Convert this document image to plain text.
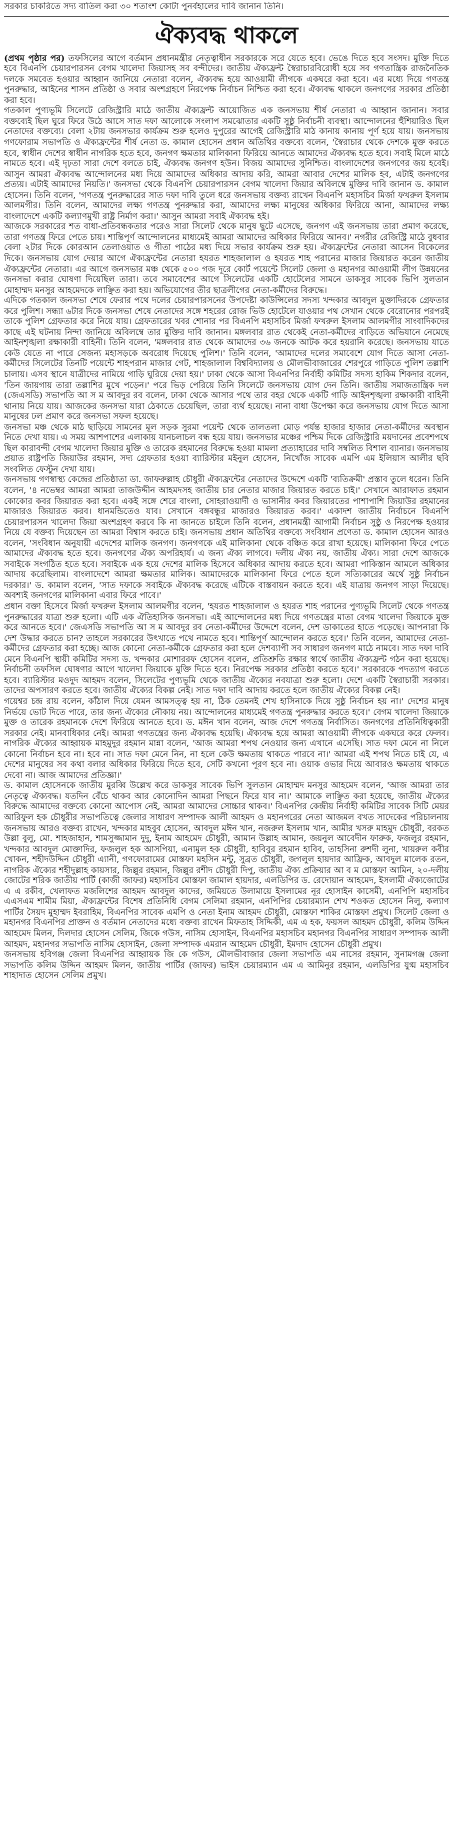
সরকার চাকরিতে সদ্য বাতিল করা ৩০ শতাংশ কোটা পুনর্বহালের দাবি জানান তিনি।
ঐক্যবদ্ধ থাকলে

(প্রথম পৃষ্ঠার পর) তফসিলের আগে বর্তমান প্রধানমন্ত্রীর নেতৃত্বাধীন সরকারকে সরে যেতে হবে। ভেঙে দিতে হবে সংসদ। মুক্তি দিতে হবে বিএনপি চেয়ারপারসন বেগম খালেদা জিয়াসহ সব বন্দীদের। জাতীয় ঐক্যফ্রন্ট স্বৈরাচারবিরোধী হয়ে সব গণতান্ত্রিক রাজনৈতিক দলকে সমবেত হওয়ার আহ্বান জানিয়ে নেতারা বলেন, ঐক্যবদ্ধ হয়ে আওয়ামী লীগকে একঘরে করা হবে। এর মধ্যে দিয়ে গণতন্ত্র পুনরুদ্ধার, আইনের শাসন প্রতিষ্ঠা ও সবার অংশগ্রহণে নিরপেক্ষ নির্বাচন নিশ্চিত করা হবে। ঐক্যবদ্ধ থাকলে জনগণের সরকার প্রতিষ্ঠা করা হবে।

গতকাল পুণ্যভূমি সিলেটে রেজিস্ট্রারি মাঠে জাতীয় ঐক্যফ্রন্ট আয়োজিত এক জনসভায় শীর্ষ নেতারা এ আহ্বান জানান। সবার বক্তব্যেই ছিল ঘুরে ফিরে উঠে আসে সাত দফা আলোকে সংলাপ সমঝোতার একটি সুষ্ঠু নির্বাচনী ব্যবস্থা। আন্দোলনের হুঁশিয়ারিও ছিল নেতাদের বক্তব্যে। বেলা ২টায় জনসভার কার্যক্রম শুরু হলেও দুপুরের আগেই রেজিস্ট্রারি মাঠ কানায় কানায় পূর্ণ হয়ে যায়। জনসভায় গণফোরাম সভাপতি ও ঐক্যফ্রন্টের শীর্ষ নেতা ড. কামাল হোসেন প্রধান অতিথির বক্তব্যে বলেন, 'স্বৈরাচার থেকে দেশকে মুক্ত করতে হবে, স্বাধীন দেশের স্বাধীন নাগরিক হতে হবে, জনগণ ক্ষমতার মালিকানা ফিরিয়ে আনতে আমাদের ঐক্যবদ্ধ হতে হবে। সবাই মিলে মাঠে নামতে হবে। এই দৃঢ়তা সারা দেশে বলতে চাই, ঐক্যবদ্ধ জনগণ হউন। বিজয় আমাদের সুনিশ্চিত। বাংলাদেশের জনগণের জয় হবেই। আসুন আমরা ঐক্যবদ্ধ আন্দোলনের মধ্য দিয়ে আমাদের অধিকার আদায় করি, আমরা আবার দেশের মালিক হব, এটাই জনগণের প্রত্যয়। এটাই আমাদের নিয়তি।' জনসভা থেকে বিএনপি চেয়ারপারসন বেগম খালেদা জিয়ার অবিলম্বে মুক্তির দাবি জানান ড. কামাল হোসেন। তিনি বলেন, 'গণতন্ত্র পুনরুদ্ধারের সাত দফা দাবি তুলে ধরে জনসভায় বক্তব্য রাখেন বিএনপি মহাসচিব মির্জা ফখরুল ইসলাম আলমগীর। তিনি বলেন, আমাদের লক্ষ্য গণতন্ত্র পুনরুদ্ধার করা, আমাদের লক্ষ্য মানুষের অধিকার ফিরিয়ে আনা, আমাদের লক্ষ্য বাংলাদেশে একটি কল্যাণমুখী রাষ্ট্র নির্মাণ করা।' আসুন আমরা সবাই ঐক্যবদ্ধ হই।

আজকে সরকারের শত বাধা-প্রতিবন্ধকতার পরেও সারা সিলেট থেকে মানুষ ছুটে এসেছে, জনগণ এই জনসভায় তারা প্রমাণ করেছে, তারা গণতন্ত্র ফিরে পেতে চায়। শান্তিপূর্ণ আন্দোলনের মাধ্যমেই আমরা আমাদের অধিকার ফিরিয়ে আনব।' নগরীর রেজিস্ট্রি মাঠে বুধবার বেলা ২টার দিকে কোরআন তেলাওয়াত ও গীতা পাঠের মধ্য দিয়ে সভার কার্যক্রম শুরু হয়। ঐক্যফ্রন্টের নেতারা আসেন বিকেলের দিকে। জনসভায় যোগ দেয়ার আগে ঐক্যফ্রন্টের নেতারা হযরত শাহজালাল ও হযরত শাহ পরানের মাজার জিয়ারত করেন জাতীয় ঐক্যফ্রন্টের নেতারা। এর আগে জনসভার মঞ্চ থেকে ৫০০ গজ দূরে কোর্ট পয়েন্টে সিলেট জেলা ও মহানগর আওয়ামী লীগ উন্নয়নের জনসভা করার ঘোষণা দিয়েছিল তারা। তবে সমাবেশের আগে সিলেটের একটি হোটেলের সামনে ডাকসুর সাবেক ভিপি সুলতান মোহাম্মদ মনসুর আহমেদকে লাঞ্ছিত করা হয়। অভিযোগের তীর ছাত্রলীগের নেতা-কর্মীদের বিরুদ্ধে।

এদিকে গতকাল জনসভা শেষে ফেরার পথে দলের চেয়ারপারসনের উপদেষ্টা কাউন্সিলের সদস্য খন্দকার আবদুল মুক্তাদিরকে গ্রেফতার করে পুলিশ। সন্ধ্যা ৬টার দিকে জনসভা শেষে নেতাদের সঙ্গে শহরের রোজ ভিউ হোটেলে যাওয়ার পথ সেখান থেকে বেরোনোর পরপরই তাকে পুলিশ গ্রেফতার করে নিয়ে যায়। গ্রেফতারের খবর শোনার পর বিএনপি মহাসচিব মির্জা ফখরুল ইসলাম আলমগীর সাংবাদিকদের কাছে এই ঘটনায় নিন্দা জানিয়ে অবিলম্বে তার মুক্তির দাবি জানান। মঙ্গলবার রাত থেকেই নেতা-কর্মীদের বাড়িতে অভিযানে নেমেছে আইনশৃঙ্খলা রক্ষাকারী বাহিনী। তিনি বলেন, 'মঙ্গলবার রাত থেকে আমাদের ৩৬ জনকে আটক করে হয়রানি করেছে। জনসভায় যাতে কেউ যেতে না পারে সেজন্য মহাসড়কে অবরোধ দিয়েছে পুলিশ।' তিনি বলেন, 'আমাদের দলের সমাবেশে যোগ দিতে আসা নেতা-কর্মীদের সিলেটের তিনটি পয়েন্টে শাহপরান মাজার গেট, শাহজালাল বিশ্ববিদ্যালয় ও মৌলভীবাজারের শেরপুরে গাড়িতে পুলিশ তল্লাশি চালায়। এসব স্থানে যাত্রীদের নামিয়ে গাড়ি ঘুরিয়ে দেয়া হয়।' ঢাকা থেকে আসা বিএনপির নির্বাহী কমিটির সদস্য হাকিম শিকদার বলেন, 'তিন জায়গায় তারা তল্লাশির মুখে পড়েন।' পরে ভিড় পেরিয়ে তিনি সিলেটে জনসভায় যোগ দেন তিনি। জাতীয় সমাজতান্ত্রিক দল (জেএসডি) সভাপতি আ স ম আবদুর রব বলেন, ঢাকা থেকে আসার পথে তার বহর থেকে একটি গাড়ি আইনশৃঙ্খলা রক্ষাকারী বাহিনী থানায় নিয়ে যায়। আজকের জনসভা যারা ঠেকাতে চেয়েছিল, তারা ব্যর্থ হয়েছে। নানা বাধা উপেক্ষা করে জনসভায় যোগ দিতে আসা মানুষের ঢল প্রমাণ করে জনসভা সফল হয়েছে।

জনসভা মঞ্চ থেকে মাঠ ছাড়িয়ে সামনের মূল সড়ক সুরমা পয়েন্ট থেকে তালতলা মোড় পর্যন্ত হাজার হাজার নেতা-কর্মীদের অবস্থান নিতে দেখা যায়। এ সময় আশপাশের এলাকায় যানচলাচল বন্ধ হয়ে যায়। জনসভার মঞ্চের পশ্চিম দিকে রেজিস্ট্রারি ময়দানের প্রবেশপথে ছিল কারাবন্দী বেগম খালেদা জিয়ার মুক্তি ও তারেক রহমানের বিরুদ্ধে হওয়া মামলা প্রত্যাহারের দাবি সম্বলিত বিশাল ব্যানার। জনসভায় প্রয়াত রাষ্ট্রপতি জিয়াউর রহমান, সদ্য গ্রেফতার হওয়া ব্যারিস্টার মইনুল হোসেন, নিখোঁজ সাবেক এমপি এম ইলিয়াস আলীর ছবি সংবলিত ফেস্টুন দেখা যায়।

জনসভায় গণস্বাস্থ্য কেন্দ্রের প্রতিষ্ঠাতা ডা. জাফরুল্লাহ চৌধুরী ঐক্যফ্রন্টের নেতাদের উদ্দেশে একটি 'ব্যতিক্রমী' প্রস্তাব তুলে ধরেন। তিনি বলেন, '৪ নভেম্বর আমরা আমরা তাজউদ্দীন আহমদসহ জাতীয় চার নেতার মাজার জিয়ারত করতে চাই।' সেখানে আরাফাত রহমান কোকোর কবর জিয়ারত করা হবে। একই সঙ্গে শেরে বাংলা, সোহরাওয়ার্দী ও ভাসানীর কবর জিয়ারতের পাশাপাশি জিয়াউর রহমানের মাজারও জিয়ারত করব। ধানমন্ডিতেও যাব। সেখানে বঙ্গবন্ধুর মাজারও জিয়ারত করব।' একাদশ জাতীয় নির্বাচনে বিএনপি চেয়ারপারসন খালেদা জিয়া অংশগ্রহণ করবে কি না জানতে চাইলে তিনি বলেন, প্রধানমন্ত্রী আগামী নির্বাচন সুষ্ঠু ও নিরপেক্ষ হওয়ার নিয়ে যে বক্তব্য দিয়েছেন তা আমরা বিশ্বাস করতে চাই। জনসভায় প্রধান অতিথির বক্তব্যে সংবিধান প্রণেতা ড. কামাল হোসেন আরও বলেন, 'সংবিধান অনুযায়ী এদেশের মালিক জনগণ। জনগণকে এই মালিকানা থেকে বঞ্চিত করে রাখা হয়েছে। মালিকানা ফিরে পেতে আমাদের ঐক্যবদ্ধ হতে হবে। জনগণের ঐক্য অপরিহার্য। এ জন্য ঐক্য লাগবে। দলীয় ঐক্য নয়, জাতীয় ঐক্য। সারা দেশে আজকে সবাইকে সংগঠিত হতে হবে। সবাইকে এক হয়ে দেশের মালিক হিসেবে অধিকার আদায় করতে হবে। আমরা পাকিস্তান আমলে অধিকার আদায় করেছিলাম। বাংলাদেশে আমরা ক্ষমতার মালিক। আমাদেরকে মালিকানা ফিরে পেতে হলে সত্যিকারের অর্থে সুষ্ঠু নির্বাচন দরকার।' ড. কামাল বলেন, 'সাত দফাকে সবাইকে ঐক্যবদ্ধ করেছে এটিকে বাস্তবায়ন করতে হবে। এই যাত্রায় জনগণ সাড়া দিয়েছে। অবশ্যই জনগণের মালিকানা এবার ফিরে পাবে।'

প্রধান বক্তা হিসেবে মির্জা ফখরুল ইসলাম আলমগীর বলেন, 'হযরত শাহজালাল ও হযরত শাহ পরানের পুণ্যভূমি সিলেট থেকে গণতন্ত্র পুনরুদ্ধারের যাত্রা শুরু হলো। এটি এক ঐতিহাসিক জনসভা। এই আন্দোলনের মধ্য দিয়ে গণতন্ত্রের মাতা বেগম খালেদা জিয়াকে মুক্ত করে আনতে হবে।' জেএসডি সভাপতি আ স ম আবদুর রব নেতা-কর্মীদের উদ্দেশে বলেন, দেশ ডাকাতের হাতে পড়েছে। আপনারা কি দেশ উদ্ধার করতে চান? তাহলে সরকারের উৎখাতে পথে নামতে হবে। শান্তিপূর্ণ আন্দোলন করতে হবে।' তিনি বলেন, আমাদের নেতা-কর্মীদের গ্রেফতার করা হচ্ছে। আজ কোনো নেতা-কর্মীকে গ্রেফতার করা হলে দেশব্যাপী সব সাধারণ জনগণ মাঠে নামবে। সাত দফা দাবি মেনে বিএনপি স্থায়ী কমিটির সদস্য ড. খন্দকার মোশাররফ হোসেন বলেন, প্রতিশ্রুতি রক্ষার স্বার্থে জাতীয় ঐক্যফ্রন্ট গঠন করা হয়েছে। নির্বাচনী তফসিল ঘোষণার আগে খালেদা জিয়াকে মুক্তি দিতে হবে। নিরপেক্ষ সরকার প্রতিষ্ঠা করতে হবে।' সরকারকে পদত্যাগ করতে হবে। ব্যারিস্টার মওদুদ আহমদ বলেন, সিলেটের পুণ্যভূমি থেকে জাতীয় ঐক্যের নবযাত্রা শুরু হলো। দেশে একটি স্বৈরাচারী সরকার। তাদের অপসারণ করতে হবে। জাতীয় ঐক্যের বিকল্প নেই। সাত দফা দাবি আদায় করতে হলে জাতীয় ঐক্যের বিকল্প নেই।

গয়েশ্বর চন্দ্র রায় বলেন, কাঁঠাল দিয়ে যেমন আমসত্ত্ব হয় না, ঠিক তেমনই শেখ হাসিনাকে দিয়ে সুষ্ঠু নির্বাচন হয় না।' দেশের মানুষ নির্ভয়ে ভোট দিতে পারে, তার জন্য ঐক্যের নৌকায় নয়। আন্দোলনের মাধ্যমেই গণতন্ত্র পুনরুদ্ধার করতে হবে।' বেগম খালেদা জিয়াকে মুক্ত ও তারেক রহমানকে দেশে ফিরিয়ে আনতে হবে। ড. মঈন খান বলেন, আজ দেশে গণতন্ত্র নির্বাসিত। জনগণের প্রতিনিধিত্বকারী সরকার নেই। মানবাধিকার নেই। আমরা গণতন্ত্রের জন্য ঐক্যবদ্ধ হয়েছি। ঐক্যবদ্ধ হয়ে আমরা আওয়ামী লীগকে একঘরে করে ফেলব। নাগরিক ঐক্যের আহ্বায়ক মাহমুদুর রহমান মান্না বলেন, 'আজ আমরা শপথ নেওয়ার জন্য এখানে এসেছি। সাত দফা মেনে না নিলে কোনো নির্বাচন হবে না। হবে না। সাত দফা মেনে নিন, না হলে কেউ ক্ষমতায় থাকতে পারবে না।' আমরা এই শপথ নিতে চাই যে, এ দেশের মানুষের সব কথা বলার অধিকার ফিরিয়ে দিতে হবে, সেটি কখনো পূরণ হবে না। ওয়াক ওভার দিয়ে আবারও ক্ষমতায় থাকতে দেবো না। আজ আমাদের প্রতিজ্ঞা।'

ড. কামাল হোসেনকে জাতীয় মুরব্বি উল্লেখ করে ডাকসুর সাবেক ভিপি সুলতান মোহাম্মদ মনসুর আহমেদ বলেন, 'আজ আমরা তার নেতৃত্বে ঐক্যবদ্ধ। যতদিন বেঁচে থাকব আর কোনোদিন আমরা পিছনে ফিরে যাব না।' আমাকে লাঞ্ছিত করা হয়েছে, জাতীয় ঐক্যের বিরুদ্ধে আমাদের বক্তব্যে কোনো আপোস নেই, আমরা আমাদের সোচ্চার থাকব।' বিএনপির কেন্দ্রীয় নির্বাহী কমিটির সাবেক সিটি মেয়র আরিফুল হক চৌধুরীর সভাপতিত্বে জেলার সাধারণ সম্পাদক আলী আহমদ ও মহানগরের নেতা আজমল বখত সাদেকের পরিচালনায় জনসভায় আরও বক্তব্য রাখেন, খন্দকার মাহবুব হোসেন, আবদুল মঈন খান, নজরুল ইসলাম খান, আমীর খসরু মাহমুদ চৌধুরী, বরকত উল্লা বুলু, মো. শাহজাহান, শামসুজ্জামান দুদু, ইনাম আহমেদ চৌধুরী, আমান উল্লাহ আমান, জয়নুল আবেদীন ফারুক, ফজলুর রহমান, খন্দকার আবদুল মোক্তাদির, ফজলুল হক আসপিয়া, এনামুল হক চৌধুরী, হাবিবুর রহমান হাবিব, তাহসিনা রুশদী লুনা, খায়রুল কবীর খোকন, শহীদউদ্দিন চৌধুরী এ্যানী, গণফোরামের মোস্তফা মহসিন মন্টু, সুব্রত চৌধুরী, জগলুল হায়দার আফ্রিক, আবদুল মালেক রতন, নাগরিক ঐক্যের শহীদুল্লাহ কায়সার, জিল্লুর রহমান, জিল্লুর রশীদ চৌধুরী দিপু, জাতীয় ঐক্য প্রক্রিয়ার আ ব ম মোস্তফা আমিন, ২০-দলীয় জোটের শরিক জাতীয় পার্টি (কাজী জাফর) মহাসচিব মোস্তফা জামাল হায়দার, এলডিপির ড. রেদোয়ান আহমেদ, ইসলামী ঐক্যজোটের এ এ রকীব, খেলাফত মজলিশের আহমদ আবদুল কাদের, জমিয়তে উলামায়ে ইসলামের নূর হোসাইন কাসেমী, এনপিপি মহাসচিব এএসএম শামীম মিয়া, ঐক্যফ্রন্টের বিশেষ প্রতিনিধি বেগম সেলিমা রহমান, এনপিপির চেয়ারম্যান শেখ শওকত হোসেন নিলু, কল্যাণ পার্টির সৈয়দ মুহাম্মদ ইবরাহিম, বিএনপির সাবেক এমপি ও নেতা ইনাম আহমদ চৌধুরী, মোস্তফা শাকির মোস্তফা প্রমুখ। সিলেট জেলা ও মহানগর বিএনপির প্রাক্তন ও বর্তমান নেতাদের মধ্যে বক্তব্য রাখেন মিফতাহ সিদ্দিকী, এম এ হক, ফয়সল আহমদ চৌধুরী, কলিম উদ্দিন আহমেদ মিলন, দিলদার হোসেন সেলিম, জিকে গউস, নাসিম হোসাইন, বিএনপির মহাসচিব মহানগর বিএনপির সাধারণ সম্পাদক আলী আহমদ, মহানগর সভাপতি নাসিম হোসাইন, জেলা সম্পাদক এমরান আহমেদ চৌধুরী, ইমদাদ হোসেন চৌধুরী প্রমুখ।

জনসভায় হবিগঞ্জ জেলা বিএনপির আহ্বায়ক জি কে গউস, মৌলভীবাজার জেলা সভাপতি এম নাসের রহমান, সুনামগঞ্জ জেলা সভাপতি কলিম উদ্দিন আহমদ মিলন, জাতীয় পার্টির (জাফর) ভাইস চেয়ারম্যান এম এ আমিনুর রহমান, এলডিপির যুগ্ম মহাসচিব শাহাদাত হোসেন সেলিম প্রমুখ।
